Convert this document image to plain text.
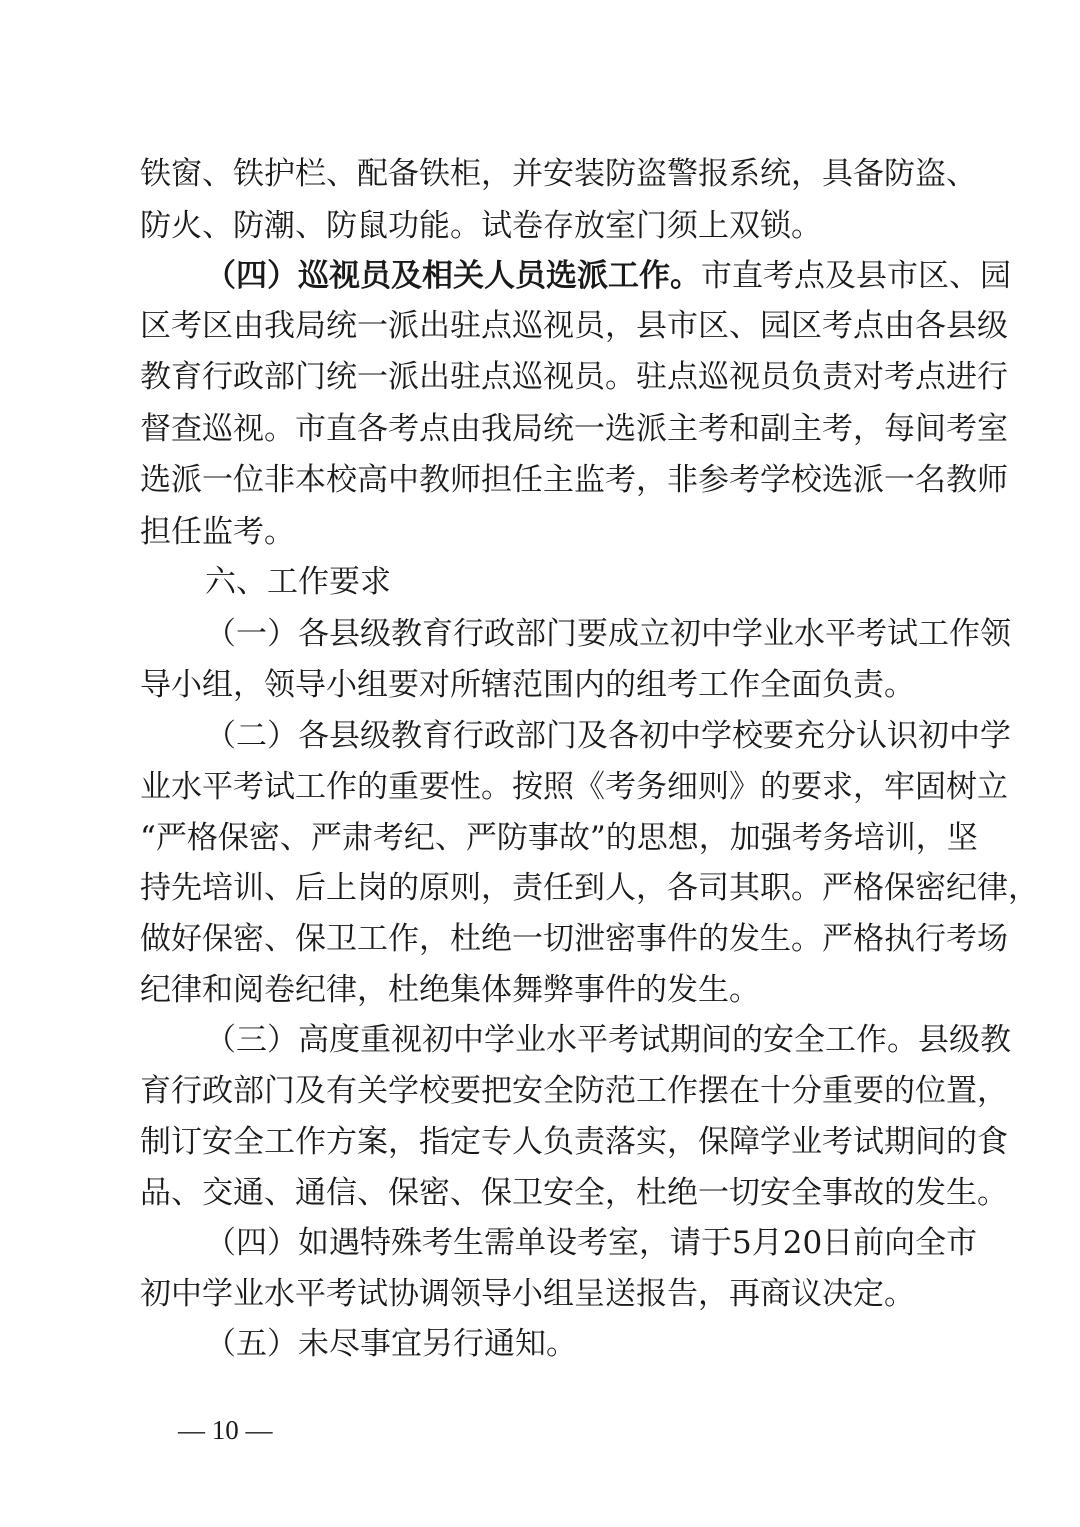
铁窗、铁护栏、配备铁柜，并安装防盗警报系统，具备防盗、
防火、防潮、防鼠功能。试卷存放室门须上双锁。
（四）巡视员及相关人员选派工作。市直考点及县市区、园
区考区由我局统一派出驻点巡视员，县市区、园区考点由各县级
教育行政部门统一派出驻点巡视员。驻点巡视员负责对考点进行
督查巡视。市直各考点由我局统一选派主考和副主考，每间考室
选派一位非本校高中教师担任主监考，非参考学校选派一名教师
担任监考。
六、工作要求
（一）各县级教育行政部门要成立初中学业水平考试工作领
导小组，领导小组要对所辖范围内的组考工作全面负责。
（二）各县级教育行政部门及各初中学校要充分认识初中学
业水平考试工作的重要性。按照《考务细则》的要求，牢固树立
“严格保密、严肃考纪、严防事故”的思想，加强考务培训，坚
持先培训、后上岗的原则，责任到人，各司其职。严格保密纪律，
做好保密、保卫工作，杜绝一切泄密事件的发生。严格执行考场
纪律和阅卷纪律，杜绝集体舞弊事件的发生。
（三）高度重视初中学业水平考试期间的安全工作。县级教
育行政部门及有关学校要把安全防范工作摆在十分重要的位置，
制订安全工作方案，指定专人负责落实，保障学业考试期间的食
品、交通、通信、保密、保卫安全，杜绝一切安全事故的发生。
（四）如遇特殊考生需单设考室，请于5月20日前向全市
初中学业水平考试协调领导小组呈送报告，再商议决定。
（五）未尽事宜另行通知。
— 10 —
